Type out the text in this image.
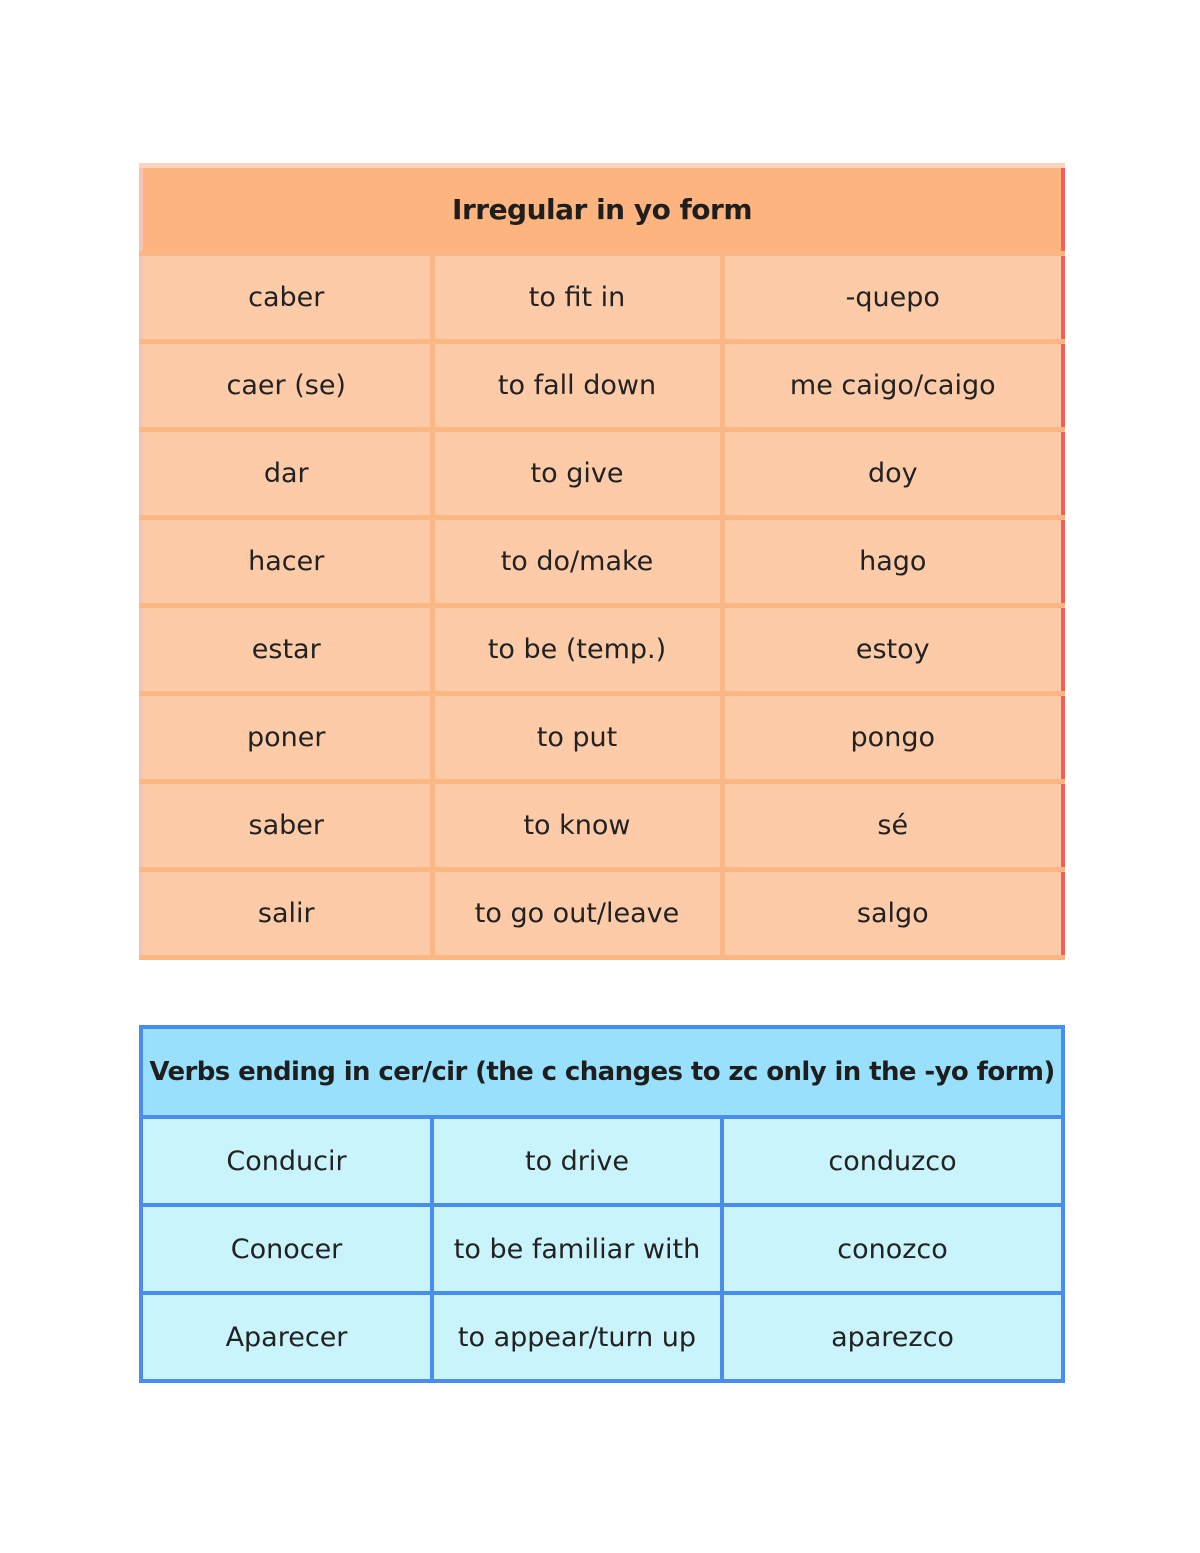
Irregular in yo form		
caber	to fit in	-quepo
caer (se)	to fall down	me caigo/caigo
dar	to give	doy
hacer	to do/make	hago
estar	to be (temp.)	estoy
poner	to put	pongo
saber	to know	sé
salir	to go out/leave	salgo
Verbs ending in cer/cir (the c changes to zc only in the -yo form)		
Conducir	to drive	conduzco
Conocer	to be familiar with	conozco
Aparecer	to appear/turn up	aparezco
